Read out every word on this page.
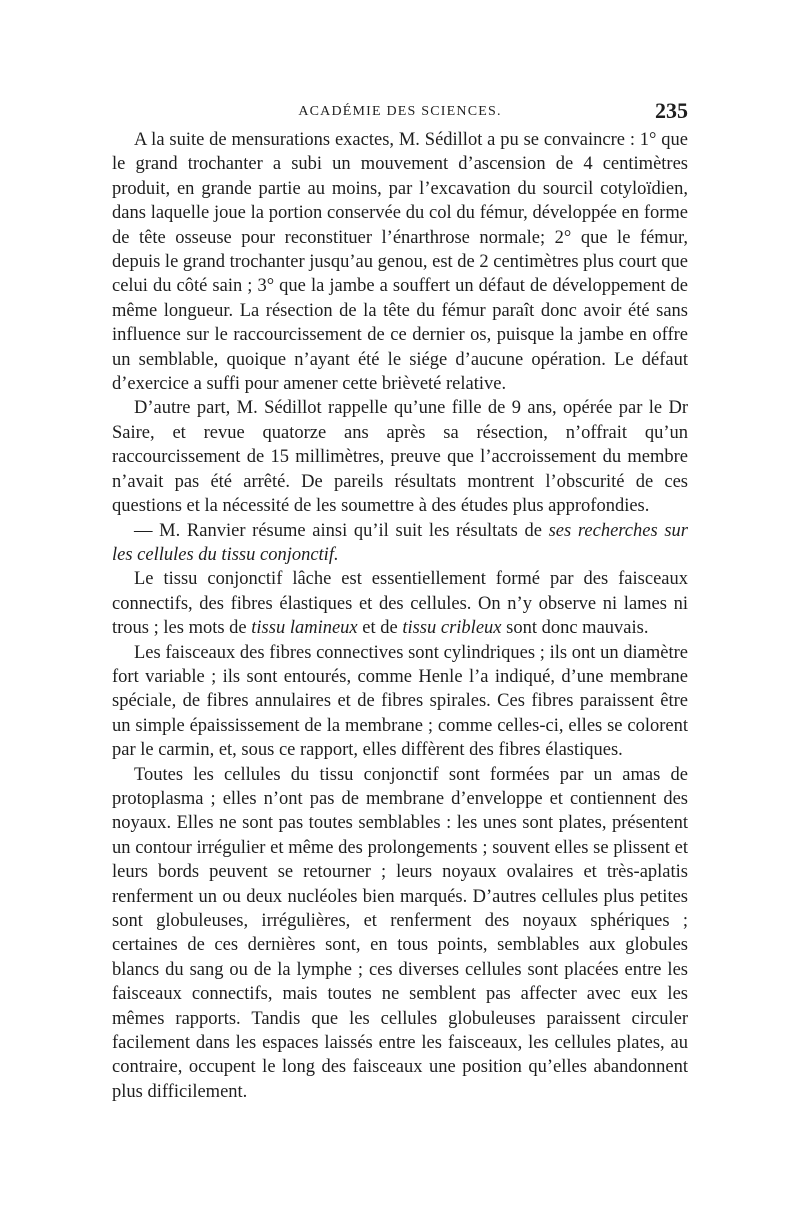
ACADÉMIE DES SCIENCES.	235

A la suite de mensurations exactes, M. Sédillot a pu se convaincre : 1° que le grand trochanter a subi un mouvement d’ascension de 4 centimètres produit, en grande partie au moins, par l’excavation du sourcil cotyloïdien, dans laquelle joue la portion conservée du col du fémur, développée en forme de tête osseuse pour reconstituer l’énarthrose normale; 2° que le fémur, depuis le grand trochanter jusqu’au genou, est de 2 centimètres plus court que celui du côté sain ; 3° que la jambe a souffert un défaut de développement de même longueur. La résection de la tête du fémur paraît donc avoir été sans influence sur le raccourcissement de ce dernier os, puisque la jambe en offre un semblable, quoique n’ayant été le siége d’aucune opération. Le défaut d’exercice a suffi pour amener cette brièveté relative.

D’autre part, M. Sédillot rappelle qu’une fille de 9 ans, opérée par le Dr Saire, et revue quatorze ans après sa résection, n’offrait qu’un raccourcissement de 15 millimètres, preuve que l’accroissement du membre n’avait pas été arrêté. De pareils résultats montrent l’obscurité de ces questions et la nécessité de les soumettre à des études plus approfondies.

— M. Ranvier résume ainsi qu’il suit les résultats de ses recherches sur les cellules du tissu conjonctif.

Le tissu conjonctif lâche est essentiellement formé par des faisceaux connectifs, des fibres élastiques et des cellules. On n’y observe ni lames ni trous ; les mots de tissu lamineux et de tissu cribleux sont donc mauvais.

Les faisceaux des fibres connectives sont cylindriques ; ils ont un diamètre fort variable ; ils sont entourés, comme Henle l’a indiqué, d’une membrane spéciale, de fibres annulaires et de fibres spirales. Ces fibres paraissent être un simple épaississement de la membrane ; comme celles-ci, elles se colorent par le carmin, et, sous ce rapport, elles diffèrent des fibres élastiques.

Toutes les cellules du tissu conjonctif sont formées par un amas de protoplasma ; elles n’ont pas de membrane d’enveloppe et contiennent des noyaux. Elles ne sont pas toutes semblables : les unes sont plates, présentent un contour irrégulier et même des prolongements ; souvent elles se plissent et leurs bords peuvent se retourner ; leurs noyaux ovalaires et très-aplatis renferment un ou deux nucléoles bien marqués. D’autres cellules plus petites sont globuleuses, irrégulières, et renferment des noyaux sphériques ; certaines de ces dernières sont, en tous points, semblables aux globules blancs du sang ou de la lymphe ; ces diverses cellules sont placées entre les faisceaux connectifs, mais toutes ne semblent pas affecter avec eux les mêmes rapports. Tandis que les cellules globuleuses paraissent circuler facilement dans les espaces laissés entre les faisceaux, les cellules plates, au contraire, occupent le long des faisceaux une position qu’elles abandonnent plus difficilement.
